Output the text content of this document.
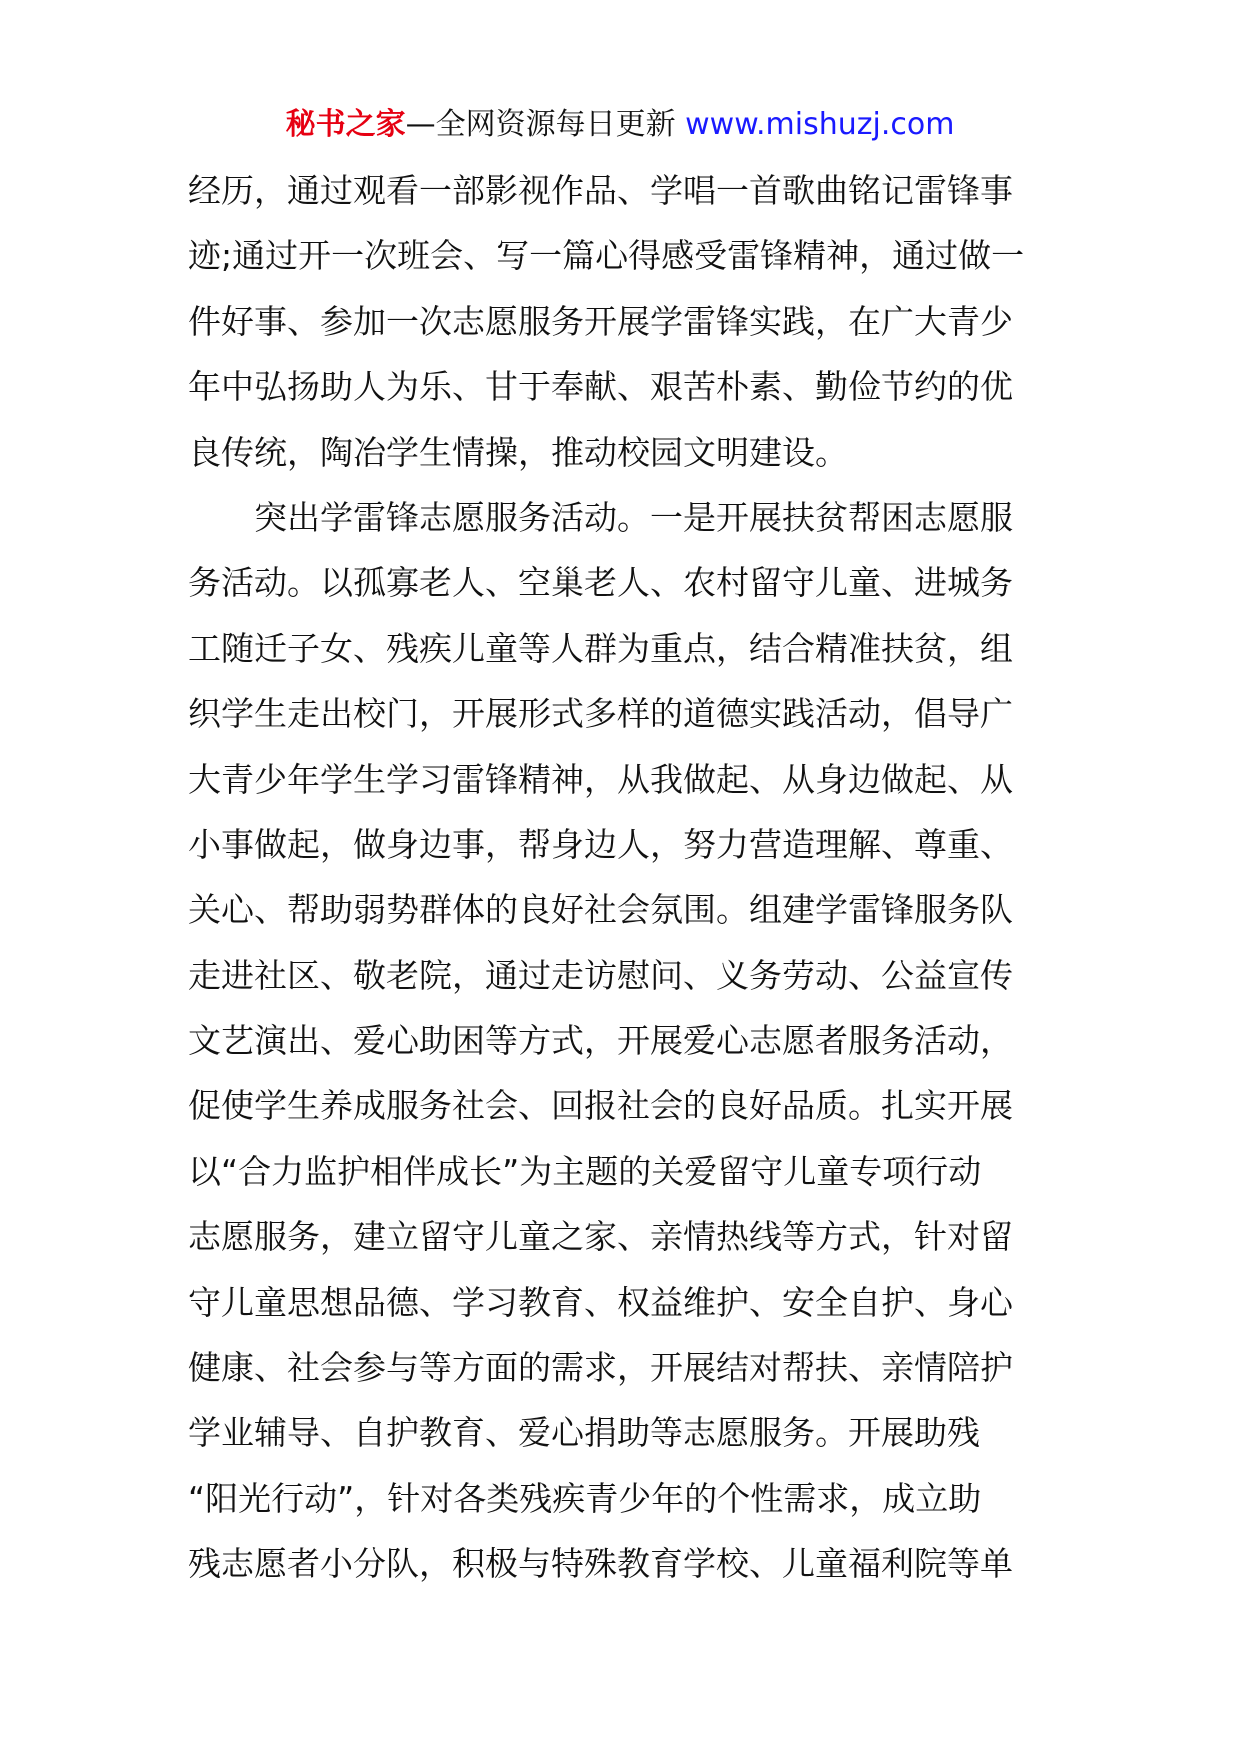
秘书之家—全网资源每日更新 www.mishuzj.com
经历，通过观看一部影视作品、学唱一首歌曲铭记雷锋事
迹;通过开一次班会、写一篇心得感受雷锋精神，通过做一
件好事、参加一次志愿服务开展学雷锋实践，在广大青少
年中弘扬助人为乐、甘于奉献、艰苦朴素、勤俭节约的优
良传统，陶冶学生情操，推动校园文明建设。
　　突出学雷锋志愿服务活动。一是开展扶贫帮困志愿服
务活动。以孤寡老人、空巢老人、农村留守儿童、进城务
工随迁子女、残疾儿童等人群为重点，结合精准扶贫，组
织学生走出校门，开展形式多样的道德实践活动，倡导广
大青少年学生学习雷锋精神，从我做起、从身边做起、从
小事做起，做身边事，帮身边人，努力营造理解、尊重、
关心、帮助弱势群体的良好社会氛围。组建学雷锋服务队
走进社区、敬老院，通过走访慰问、义务劳动、公益宣传
文艺演出、爱心助困等方式，开展爱心志愿者服务活动，
促使学生养成服务社会、回报社会的良好品质。扎实开展
以“合力监护相伴成长”为主题的关爱留守儿童专项行动
志愿服务，建立留守儿童之家、亲情热线等方式，针对留
守儿童思想品德、学习教育、权益维护、安全自护、身心
健康、社会参与等方面的需求，开展结对帮扶、亲情陪护
学业辅导、自护教育、爱心捐助等志愿服务。开展助残
“阳光行动”，针对各类残疾青少年的个性需求，成立助
残志愿者小分队，积极与特殊教育学校、儿童福利院等单
